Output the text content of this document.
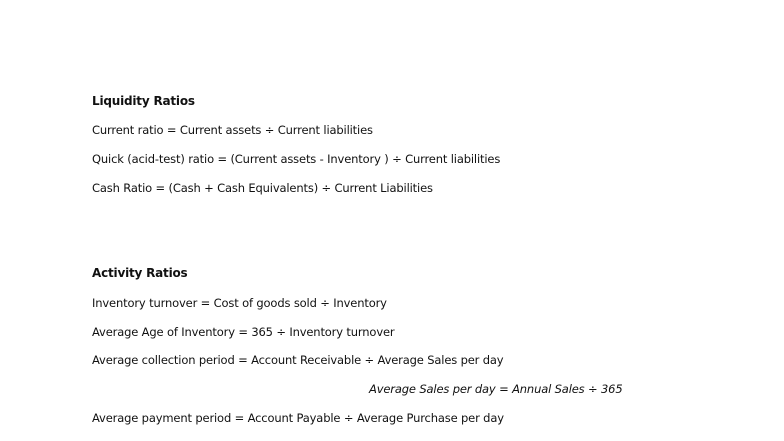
Liquidity Ratios
Current ratio = Current assets ÷ Current liabilities
Quick (acid-test) ratio = (Current assets - Inventory ) ÷ Current liabilities
Cash Ratio = (Cash + Cash Equivalents) ÷ Current Liabilities
Activity Ratios
Inventory turnover = Cost of goods sold ÷ Inventory
Average Age of Inventory = 365 ÷ Inventory turnover
Average collection period = Account Receivable ÷ Average Sales per day
Average Sales per day = Annual Sales ÷ 365
Average payment period = Account Payable ÷ Average Purchase per day
